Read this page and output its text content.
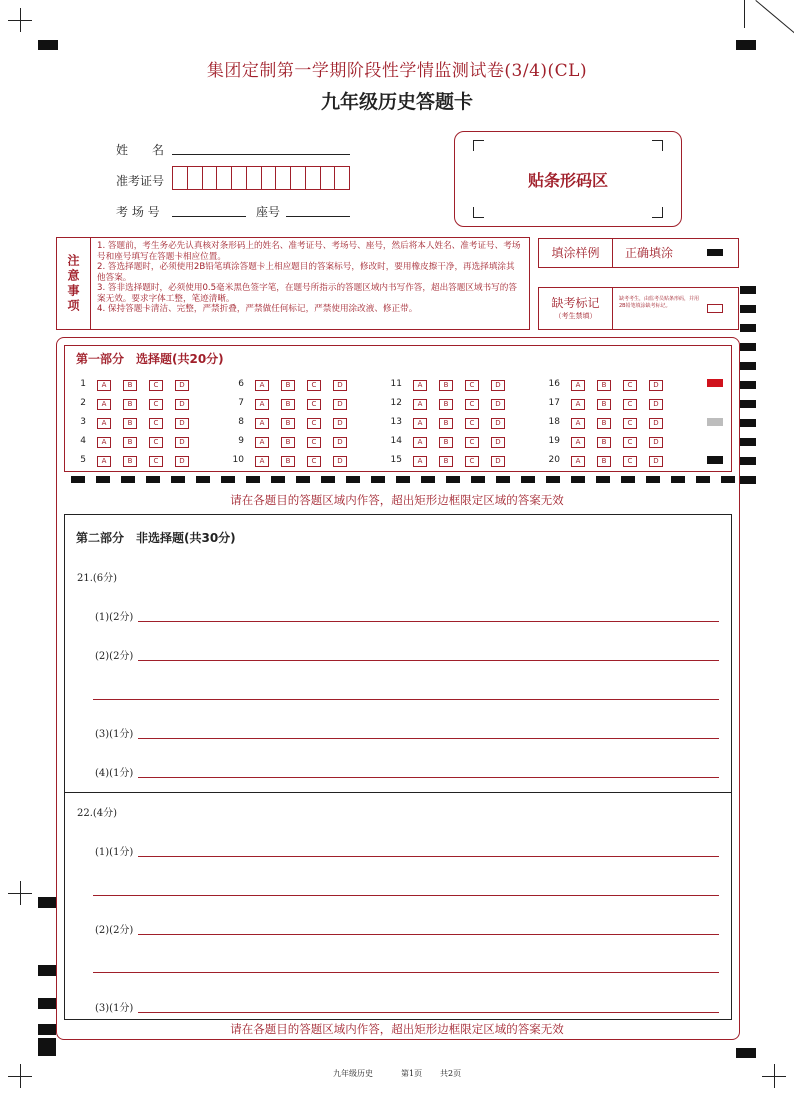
集团定制第一学期阶段性学情监测试卷(3/4)(CL)
九年级历史答题卡
姓　　名
准考证号
考 场 号	座号
贴条形码区
注意事项

1. 答题前，考生务必先认真核对条形码上的姓名、准考证号、考场号、座号，然后将本人姓名、准考证号、考场号和座号填写在答题卡相应位置。

2. 答选择题时，必须使用2B铅笔填涂答题卡上相应题目的答案标号，修改时，要用橡皮擦干净，再选择填涂其他答案。

3. 答非选择题时，必须使用0.5毫米黑色签字笔，在题号所指示的答题区域内书写作答，超出答题区域书写的答案无效。要求字体工整，笔迹清晰。

4. 保持答题卡清洁、完整，严禁折叠，严禁做任何标记，严禁使用涂改液、修正带。

填涂样例	正确填涂
缺考标记
（考生禁填）
缺考考生，由监考员贴条形码，并用2B铅笔填涂缺考标记。
第一部分　选择题(共20分)
1	A	B	C	D
2	A	B	C	D
3	A	B	C	D
4	A	B	C	D
5	A	B	C	D
6	A	B	C	D
7	A	B	C	D
8	A	B	C	D
9	A	B	C	D
10	A	B	C	D
11	A	B	C	D
12	A	B	C	D
13	A	B	C	D
14	A	B	C	D
15	A	B	C	D
16	A	B	C	D
17	A	B	C	D
18	A	B	C	D
19	A	B	C	D
20	A	B	C	D
请在各题目的答题区域内作答，超出矩形边框限定区域的答案无效
第二部分　非选择题(共30分)
21.(6分)
(1)(2分)
(2)(2分)
(3)(1分)
(4)(1分)
22.(4分)
(1)(1分)
(2)(2分)
(3)(1分)
请在各题目的答题区域内作答，超出矩形边框限定区域的答案无效
九年级历史	第1页 共2页
